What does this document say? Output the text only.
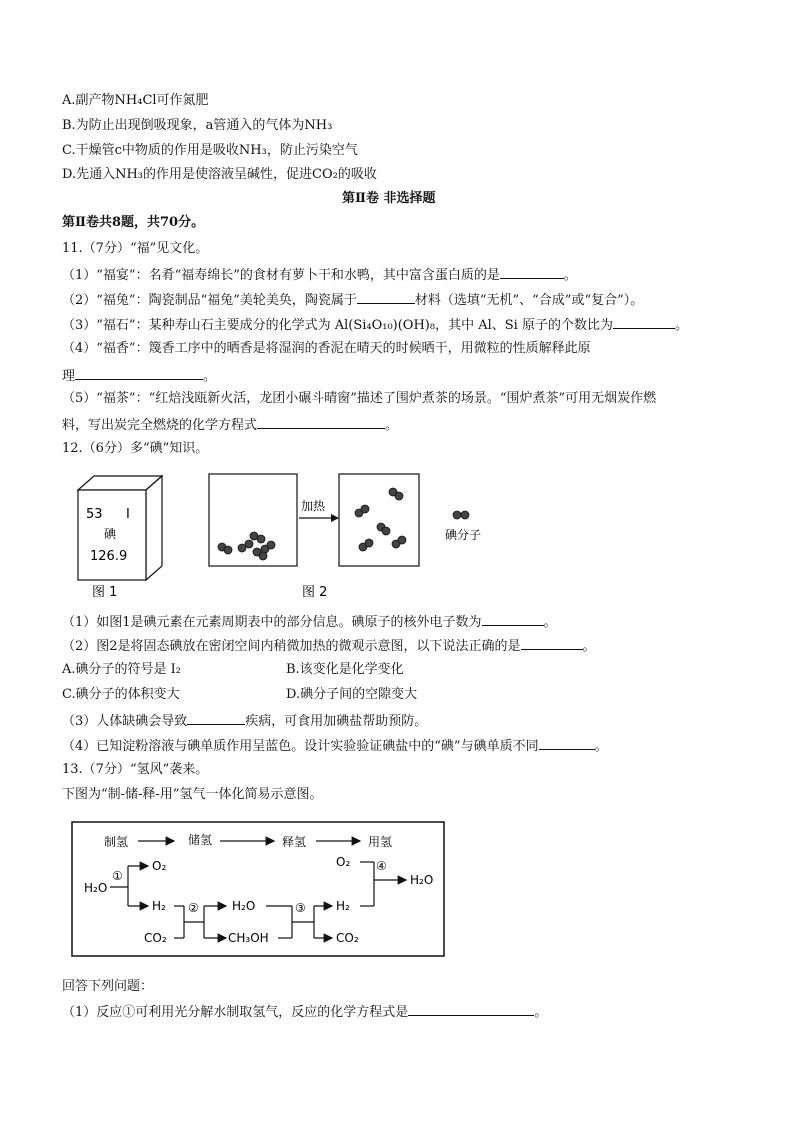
A.副产物NH₄Cl可作氮肥
B.为防止出现倒吸现象，a管通入的气体为NH₃
C.干燥管c中物质的作用是吸收NH₃，防止污染空气
D.先通入NH₃的作用是使溶液呈碱性，促进CO₂的吸收
第Ⅱ卷 非选择题
第Ⅱ卷共8题，共70分。
11.（7分）“福”见文化。
（1）“福宴”：名肴“福寿绵长”的食材有萝卜干和水鸭，其中富含蛋白质的是	。
（2）“福兔”：陶瓷制品“福兔”美轮美奂，陶瓷属于	材料（选填“无机”、“合成”或“复合”）。
（3）“福石”：某种寿山石主要成分的化学式为 Al(Si₄O₁₀)(OH)₈，其中 Al、Si 原子的个数比为	。
（4）“福香”：篾香工序中的晒香是将湿润的香泥在晴天的时候晒干，用微粒的性质解释此原
理	。
（5）“福茶”：“红焙浅瓯新火活，龙团小碾斗晴窗”描述了围炉煮茶的场景。“围炉煮茶”可用无烟炭作燃
料，写出炭完全燃烧的化学方程式	。
12.（6分）多“碘”知识。
53 I
碘
126.9
图 1
加热
碘分子
图 2
（1）如图1是碘元素在元素周期表中的部分信息。碘原子的核外电子数为	。
（2）图2是将固态碘放在密闭空间内稍微加热的微观示意图，以下说法正确的是	。
A.碘分子的符号是 I₂	B.该变化是化学变化
C.碘分子的体积变大	D.碘分子间的空隙变大
（3）人体缺碘会导致	疾病，可食用加碘盐帮助预防。
（4）已知淀粉溶液与碘单质作用呈蓝色。设计实验验证碘盐中的“碘”与碘单质不同	。
13.（7分）“氢风”袭来。
下图为“制-储-释-用”氢气一体化简易示意图。
制氢	储氢	释氢	用氢
H₂O
①
O₂
H₂
CO₂
②	H₂O
CH₃OH
③	H₂
CO₂
O₂ ④
H₂O
回答下列问题：
（1）反应①可利用光分解水制取氢气，反应的化学方程式是	。
